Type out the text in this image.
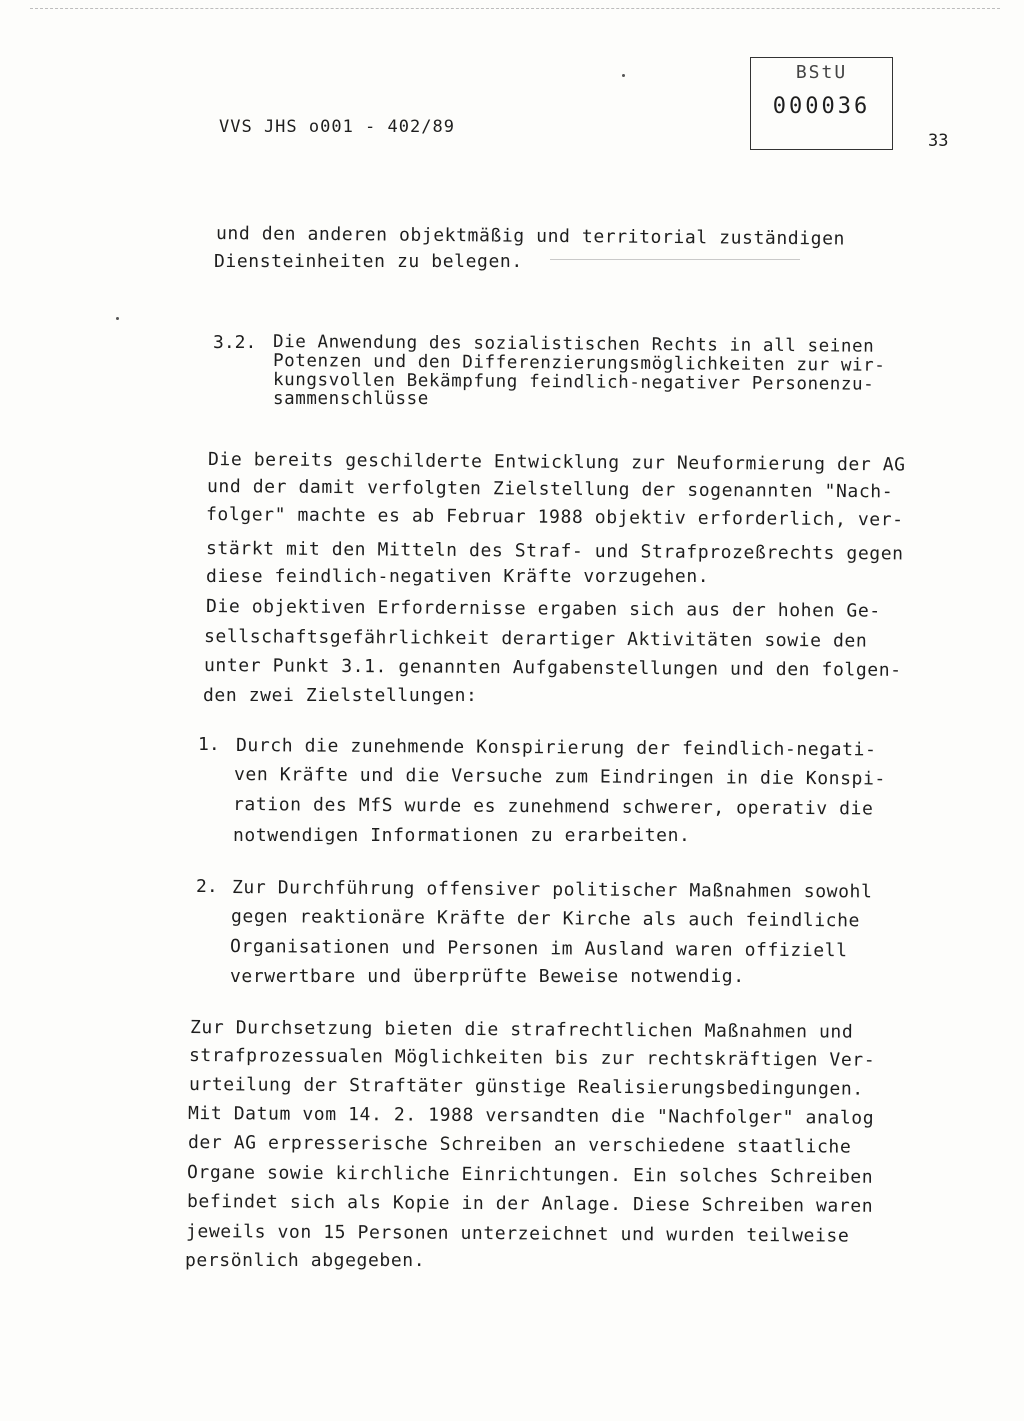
VVS JHS o001 - 402/89
BStU
000036
33
und den anderen objektmäßig und territorial zuständigen
Diensteinheiten zu belegen.
3.2. Die Anwendung des sozialistischen Rechts in all seinen
Potenzen und den Differenzierungsmöglichkeiten zur wir-
kungsvollen Bekämpfung feindlich-negativer Personenzu-
sammenschlüsse
Die bereits geschilderte Entwicklung zur Neuformierung der AG
und der damit verfolgten Zielstellung der sogenannten "Nach-
folger" machte es ab Februar 1988 objektiv erforderlich, ver-
stärkt mit den Mitteln des Straf- und Strafprozeßrechts gegen
diese feindlich-negativen Kräfte vorzugehen.
Die objektiven Erfordernisse ergaben sich aus der hohen Ge-
sellschaftsgefährlichkeit derartiger Aktivitäten sowie den
unter Punkt 3.1. genannten Aufgabenstellungen und den folgen-
den zwei Zielstellungen:
1. Durch die zunehmende Konspirierung der feindlich-negati-
ven Kräfte und die Versuche zum Eindringen in die Konspi-
ration des MfS wurde es zunehmend schwerer, operativ die
notwendigen Informationen zu erarbeiten.
2. Zur Durchführung offensiver politischer Maßnahmen sowohl
gegen reaktionäre Kräfte der Kirche als auch feindliche
Organisationen und Personen im Ausland waren offiziell
verwertbare und überprüfte Beweise notwendig.
Zur Durchsetzung bieten die strafrechtlichen Maßnahmen und
strafprozessualen Möglichkeiten bis zur rechtskräftigen Ver-
urteilung der Straftäter günstige Realisierungsbedingungen.
Mit Datum vom 14. 2. 1988 versandten die "Nachfolger" analog
der AG erpresserische Schreiben an verschiedene staatliche
Organe sowie kirchliche Einrichtungen. Ein solches Schreiben
befindet sich als Kopie in der Anlage. Diese Schreiben waren
jeweils von 15 Personen unterzeichnet und wurden teilweise
persönlich abgegeben.
